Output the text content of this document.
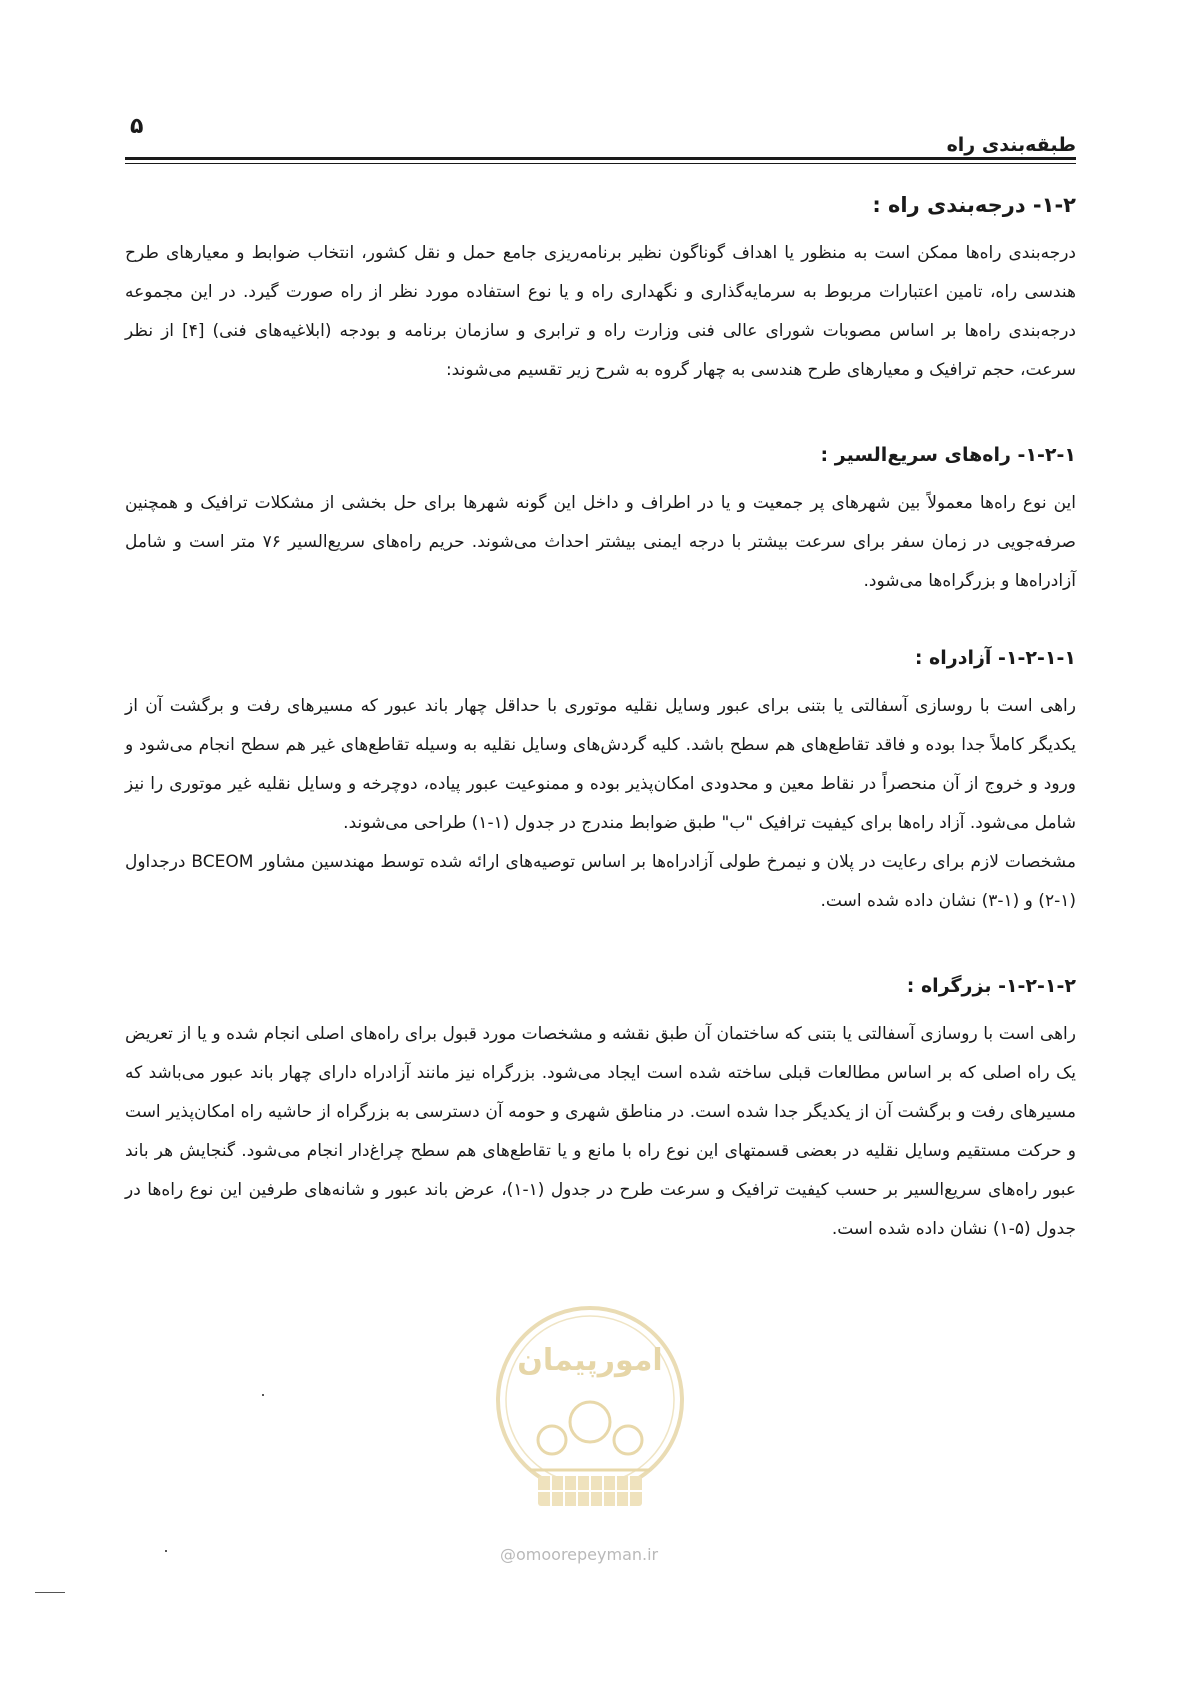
۵
طبقه‌بندی راه
۱-۲- درجه‌بندی راه :

درجه‌بندی راه‌ها ممکن است به منظور یا اهداف گوناگون نظیر برنامه‌ریزی جامع حمل و نقل کشور، انتخاب ضوابط و معیارهای طرح هندسی راه، تامین اعتبارات مربوط به سرمایه‌گذاری و نگهداری راه و یا نوع استفاده مورد نظر از راه صورت گیرد. در این مجموعه درجه‌بندی راه‌ها بر اساس مصوبات شورای عالی فنی وزارت راه و ترابری و سازمان برنامه و بودجه (ابلاغیه‌های فنی) [۴] از نظر سرعت، حجم ترافیک و معیارهای طرح هندسی به چهار گروه به شرح زیر تقسیم می‌شوند:

۱-۲-۱- راه‌های سریع‌السیر :

این نوع راه‌ها معمولاً بین شهرهای پر جمعیت و یا در اطراف و داخل این گونه شهرها برای حل بخشی از مشکلات ترافیک و همچنین صرفه‌جویی در زمان سفر برای سرعت بیشتر با درجه ایمنی بیشتر احداث می‌شوند. حریم راه‌های سریع‌السیر ۷۶ متر است و شامل آزادراه‌ها و بزرگراه‌ها می‌شود.

۱-۲-۱-۱- آزادراه :

راهی است با روسازی آسفالتی یا بتنی برای عبور وسایل نقلیه موتوری با حداقل چهار باند عبور که مسیرهای رفت و برگشت آن از یکدیگر کاملاً جدا بوده و فاقد تقاطع‌های هم سطح باشد. کلیه گردش‌های وسایل نقلیه به وسیله تقاطع‌های غیر هم سطح انجام می‌شود و ورود و خروج از آن منحصراً در نقاط معین و محدودی امکان‌پذیر بوده و ممنوعیت عبور پیاده، دوچرخه و وسایل نقلیه غیر موتوری را نیز شامل می‌شود. آزاد راه‌ها برای کیفیت ترافیک "ب" طبق ضوابط مندرج در جدول (۱-۱) طراحی می‌شوند.

مشخصات لازم برای رعایت در پلان و نیمرخ طولی آزادراه‌ها بر اساس توصیه‌های ارائه شده توسط مهندسین مشاور BCEOM درجداول (۱-۲) و (۱-۳) نشان داده شده است.

۱-۲-۱-۲- بزرگراه :

راهی است با روسازی آسفالتی یا بتنی که ساختمان آن طبق نقشه و مشخصات مورد قبول برای راه‌های اصلی انجام شده و یا از تعریض یک راه اصلی که بر اساس مطالعات قبلی ساخته شده است ایجاد می‌شود. بزرگراه نیز مانند آزادراه دارای چهار باند عبور می‌باشد که مسیرهای رفت و برگشت آن از یکدیگر جدا شده است. در مناطق شهری و حومه آن دسترسی به بزرگراه از حاشیه راه امکان‌پذیر است و حرکت مستقیم وسایل نقلیه در بعضی قسمتهای این نوع راه با مانع و یا تقاطع‌های هم سطح چراغ‌دار انجام می‌شود. گنجایش هر باند عبور راه‌های سریع‌السیر بر حسب کیفیت ترافیک و سرعت طرح در جدول (۱-۱)، عرض باند عبور و شانه‌های طرفین این نوع راه‌ها در جدول (۵-۱) نشان داده شده است.

امورپیمان
@omoorepeyman.ir
